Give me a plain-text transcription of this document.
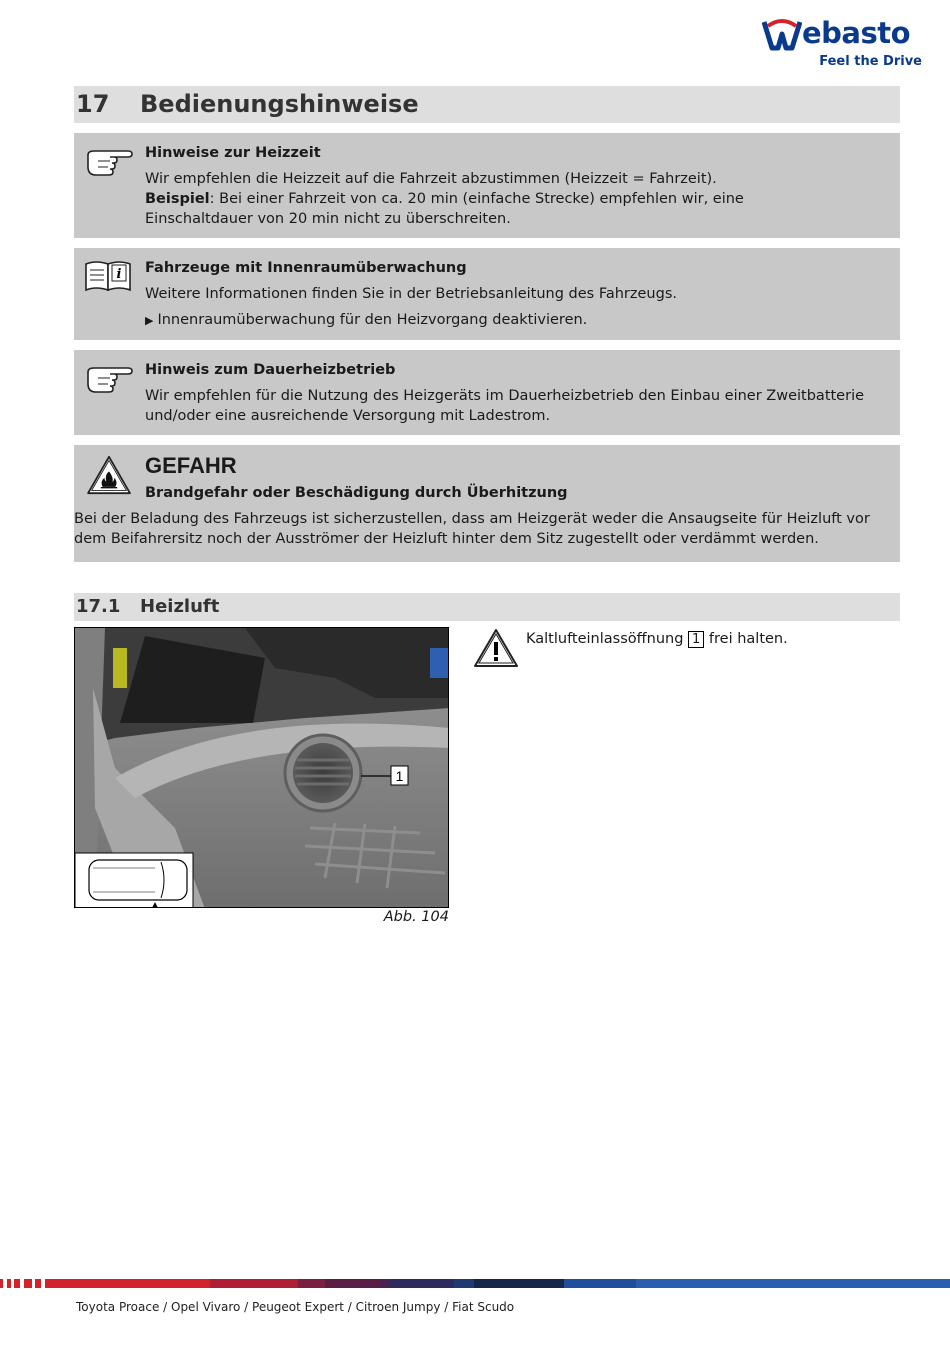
ebasto
Feel the Drive
17 Bedienungshinweise
Hinweise zur Heizzeit
Wir empfehlen die Heizzeit auf die Fahrzeit abzustimmen (Heizzeit = Fahrzeit).
Beispiel: Bei einer Fahrzeit von ca. 20 min (einfache Strecke) empfehlen wir, eine Einschaltdauer von 20 min nicht zu überschreiten.
i Fahrzeuge mit Innenraumüberwachung
Weitere Informationen finden Sie in der Betriebsanleitung des Fahrzeugs.
▶ Innenraumüberwachung für den Heizvorgang deaktivieren.
Hinweis zum Dauerheizbetrieb
Wir empfehlen für die Nutzung des Heizgeräts im Dauerheizbetrieb den Einbau einer Zweitbatterie und/oder eine ausreichende Versorgung mit Ladestrom.
GEFAHR
Brandgefahr oder Beschädigung durch Überhitzung
Bei der Beladung des Fahrzeugs ist sicherzustellen, dass am Heizgerät weder die Ansaugseite für Heizluft vor dem Beifahrersitz noch der Ausströmer der Heizluft hinter dem Sitz zugestellt oder verdämmt werden.
17.1 Heizluft
1
Abb. 104
Kaltlufteinlassöffnung 1 frei halten.
Toyota Proace / Opel Vivaro / Peugeot Expert / Citroen Jumpy / Fiat Scudo
